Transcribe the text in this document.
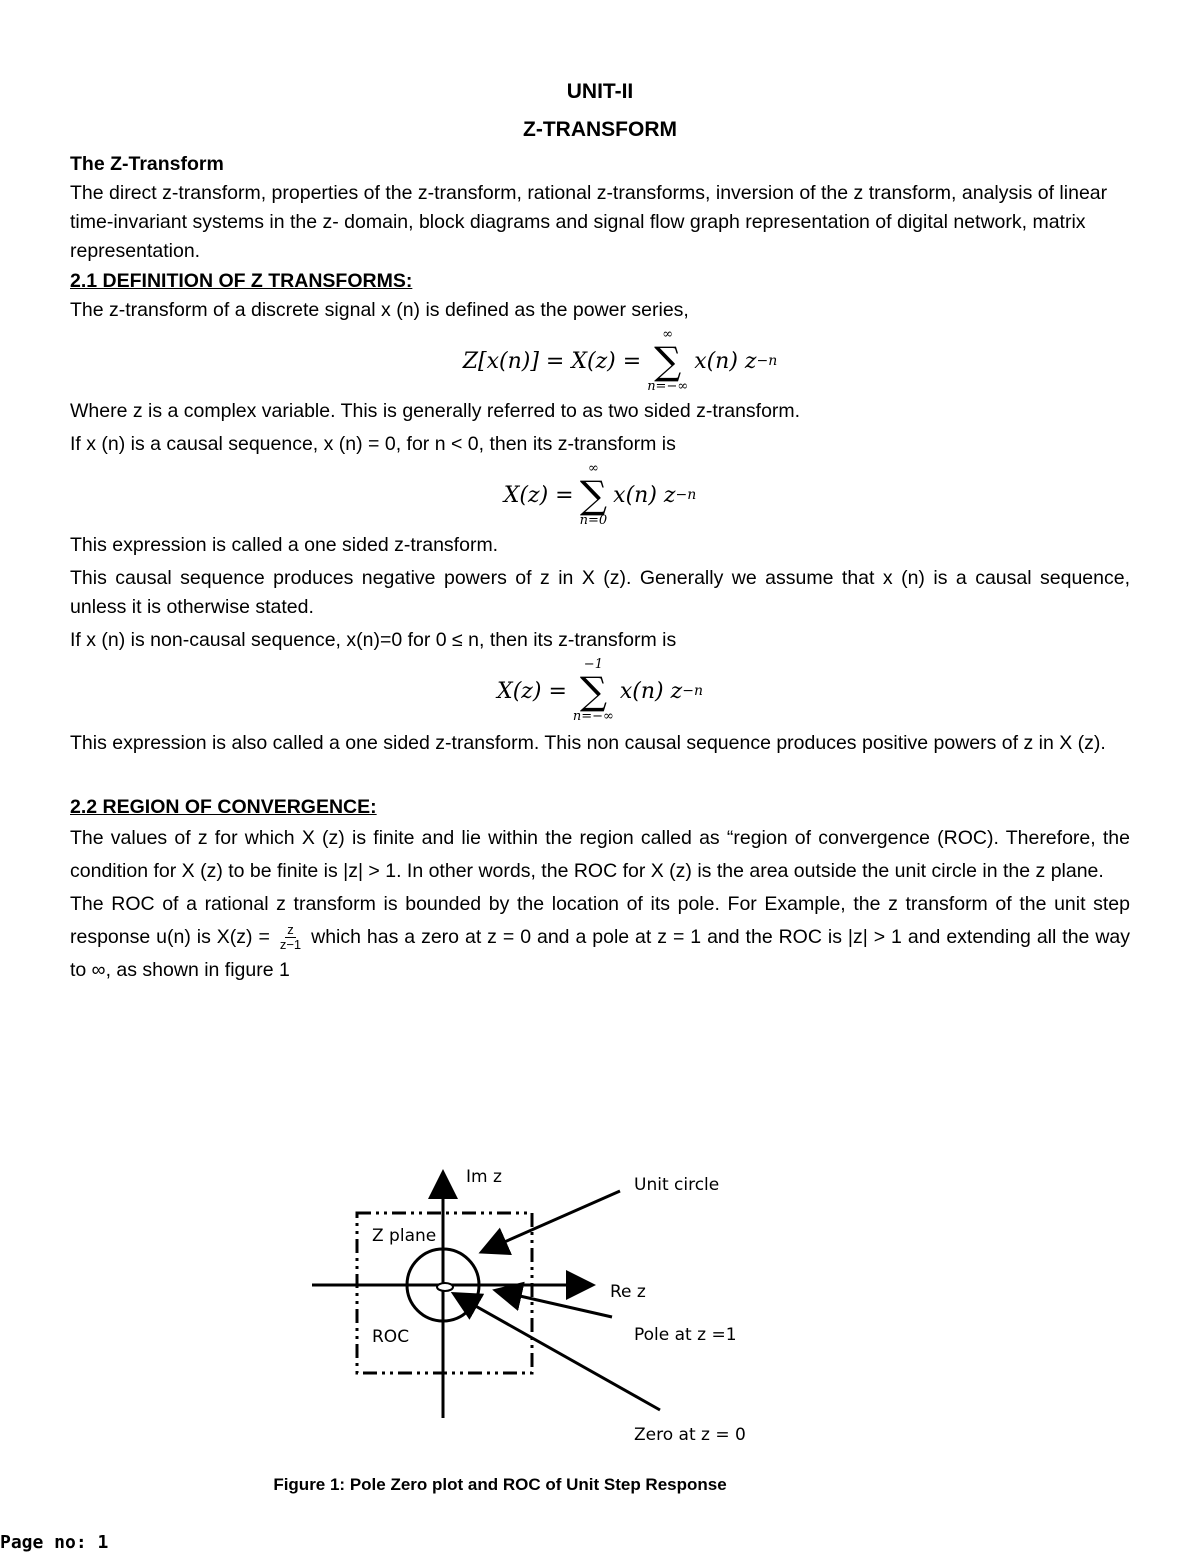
UNIT-II
Z-TRANSFORM

The Z-Transform

The direct z-transform, properties of the z-transform, rational z-transforms, inversion of the z transform, analysis of linear time-invariant systems in the z- domain, block diagrams and signal flow graph representation of digital network, matrix representation.

2.1 DEFINITION OF Z TRANSFORMS:

The z-transform of a discrete signal x (n) is defined as the power series,

Z[x(n)] = X(z) =
∞
∑
n=−∞
x(n) z −n

Where z is a complex variable. This is generally referred to as two sided z-transform.

If x (n) is a causal sequence, x (n) = 0, for n < 0, then its z-transform is

X(z) =
∞
∑
n=0
x(n) z −n

This expression is called a one sided z-transform.

This causal sequence produces negative powers of z in X (z). Generally we assume that x (n) is a causal sequence, unless it is otherwise stated.

If x (n) is non-causal sequence, x(n)=0 for 0 ≤ n, then its z-transform is

X(z) =
−1
∑
n=−∞
x(n) z −n

This expression is also called a one sided z-transform. This non causal sequence produces positive powers of z in X (z).

2.2 REGION OF CONVERGENCE:

The values of z for which X (z) is finite and lie within the region called as “region of convergence (ROC). Therefore, the condition for X (z) to be finite is |z| > 1. In other words, the ROC for X (z) is the area outside the unit circle in the z plane.

The ROC of a rational z transform is bounded by the location of its pole. For Example, the z transform of the unit step response u(n) is $X(z) = \frac{z}{z-1}$ which has a zero at z = 0 and a pole at z = 1 and the ROC is |z| > 1 and extending all the way to ∞, as shown in figure 1

Im z	Unit circle
Z plane
Re z
ROC	Pole at z =1
Zero at z = 0
Figure 1: Pole Zero plot and ROC of Unit Step Response
Page no: 1
